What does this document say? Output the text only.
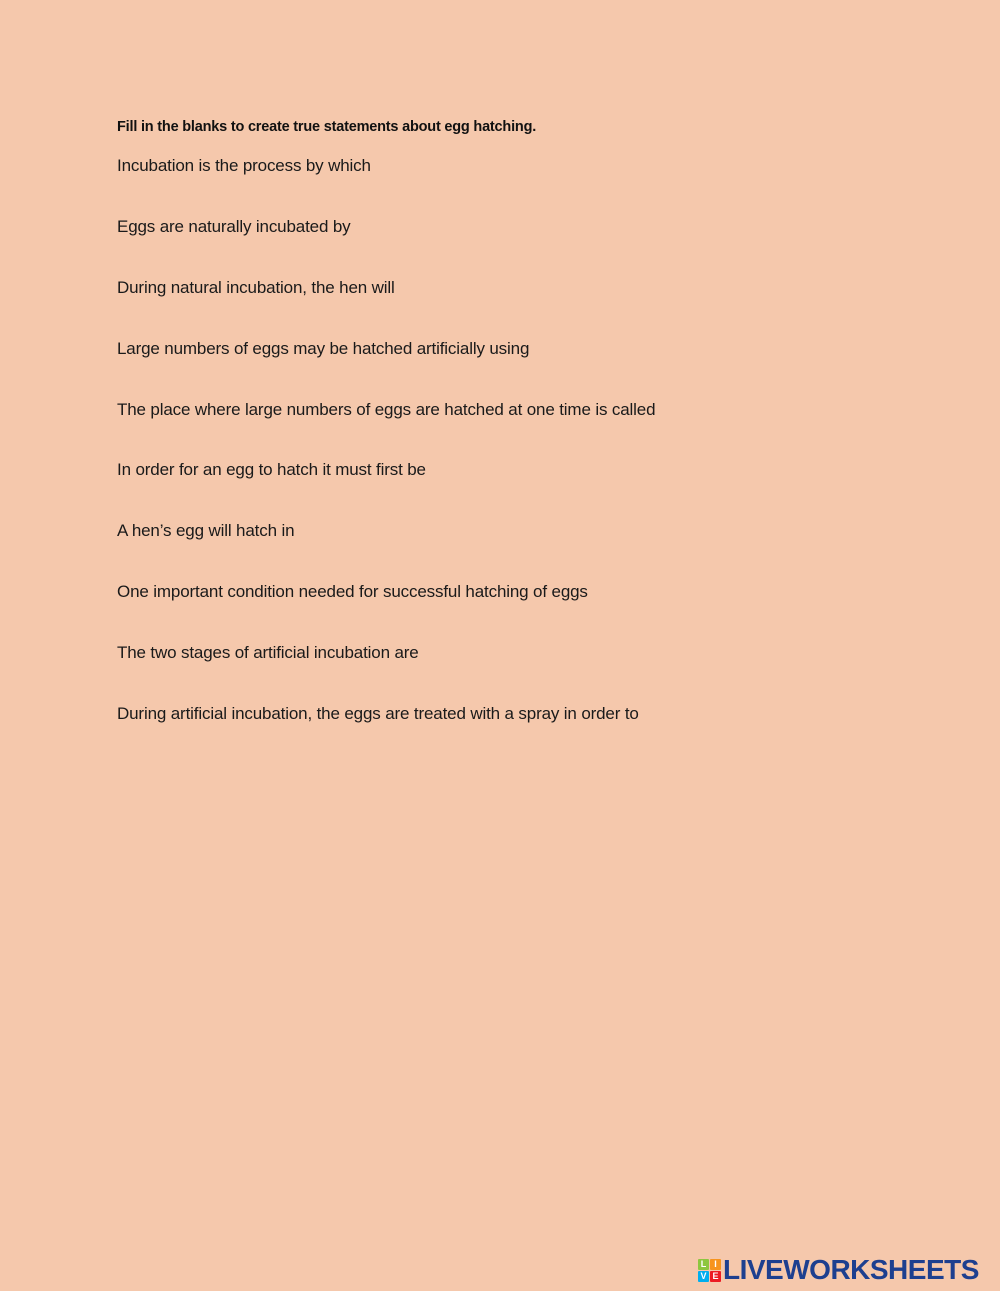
Fill in the blanks to create true statements about egg hatching.
Incubation is the process by which
Eggs are naturally incubated by
During natural incubation, the hen will
Large numbers of eggs may be hatched artificially using
The place where large numbers of eggs are hatched at one time is called
In order for an egg to hatch it must first be
A hen’s egg will hatch in
One important condition needed for successful hatching of eggs
The two stages of artificial incubation are
During artificial incubation, the eggs are treated with a spray in order to
L I
V E LIVEWORKSHEETS
